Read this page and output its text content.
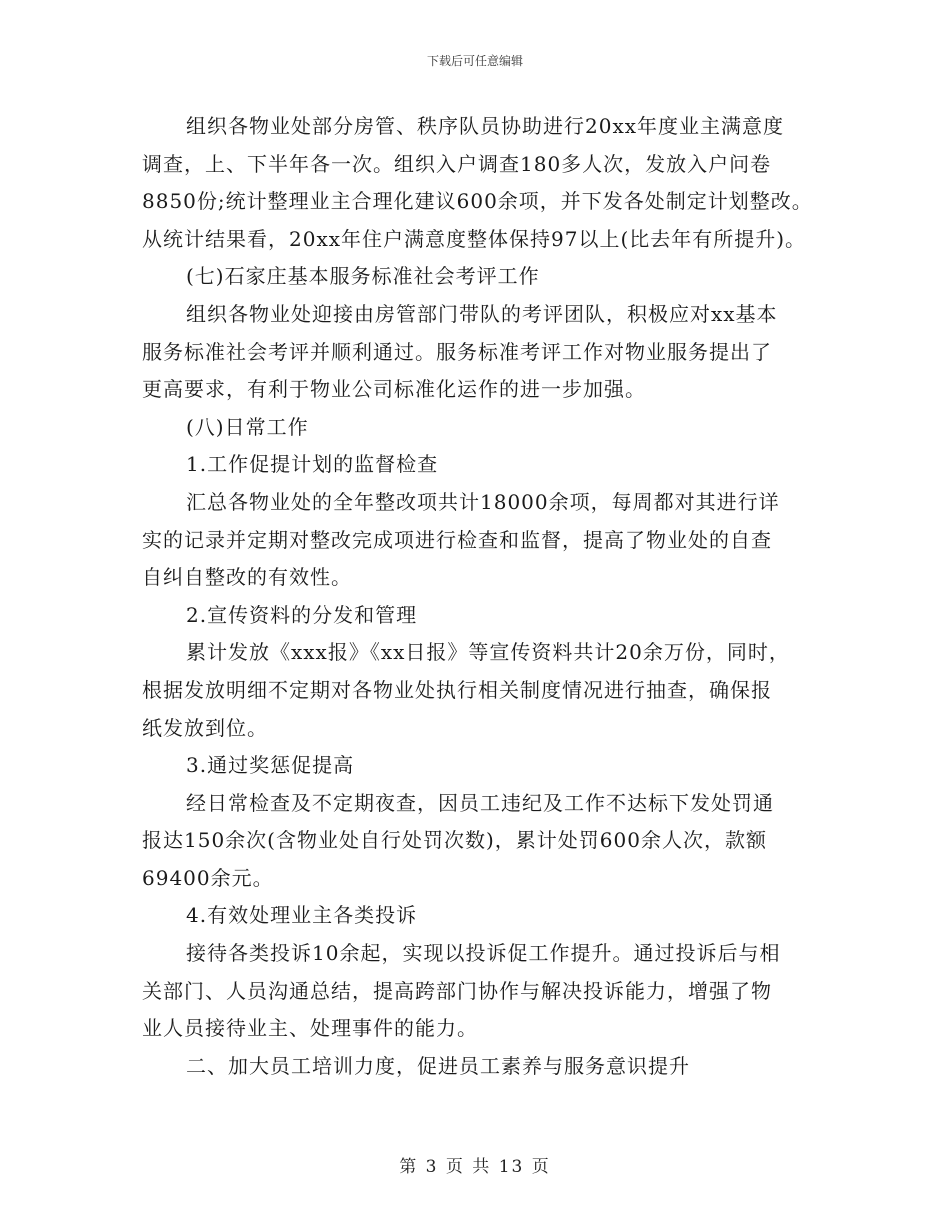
下载后可任意编辑
组织各物业处部分房管、秩序队员协助进行20xx年度业主满意度
调查，上、下半年各一次。组织入户调查180多人次，发放入户问卷
8850份;统计整理业主合理化建议600余项，并下发各处制定计划整改。
从统计结果看，20xx年住户满意度整体保持97以上(比去年有所提升)。
(七)石家庄基本服务标准社会考评工作
组织各物业处迎接由房管部门带队的考评团队，积极应对xx基本
服务标准社会考评并顺利通过。服务标准考评工作对物业服务提出了
更高要求，有利于物业公司标准化运作的进一步加强。
(八)日常工作
1.工作促提计划的监督检查
汇总各物业处的全年整改项共计18000余项，每周都对其进行详
实的记录并定期对整改完成项进行检查和监督，提高了物业处的自查
自纠自整改的有效性。
2.宣传资料的分发和管理
累计发放《xxx报》《xx日报》等宣传资料共计20余万份，同时，
根据发放明细不定期对各物业处执行相关制度情况进行抽查，确保报
纸发放到位。
3.通过奖惩促提高
经日常检查及不定期夜查，因员工违纪及工作不达标下发处罚通
报达150余次(含物业处自行处罚次数)，累计处罚600余人次，款额
69400余元。
4.有效处理业主各类投诉
接待各类投诉10余起，实现以投诉促工作提升。通过投诉后与相
关部门、人员沟通总结，提高跨部门协作与解决投诉能力，增强了物
业人员接待业主、处理事件的能力。
二、加大员工培训力度，促进员工素养与服务意识提升
第 3 页 共 13 页
